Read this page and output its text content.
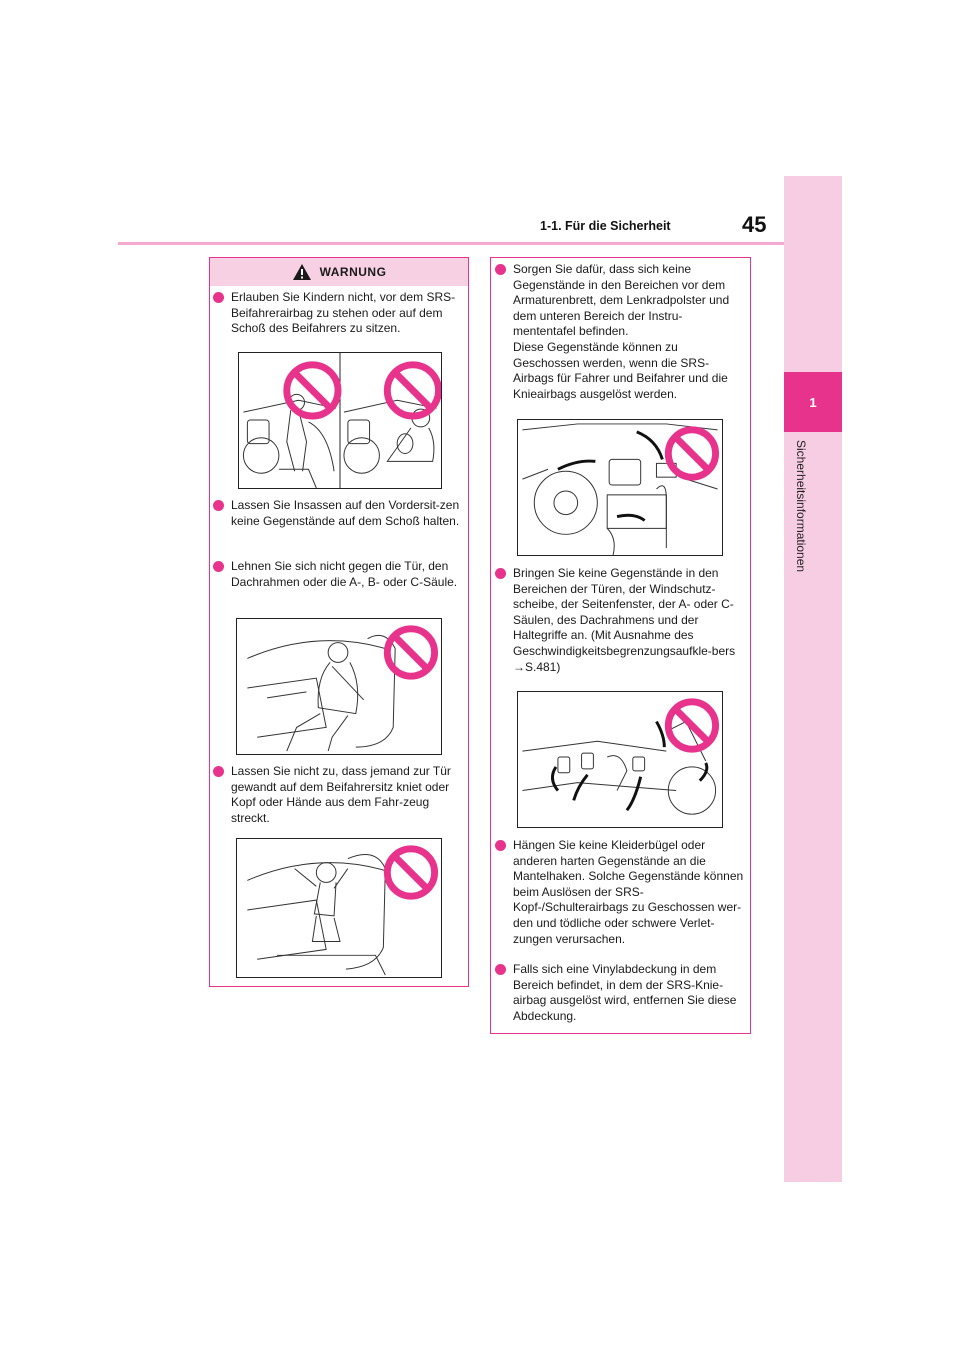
45
1-1. Für die Sicherheit
1
Sicherheitsinformationen
WARNUNG

Erlauben Sie Kindern nicht, vor dem SRS-Beifahrerairbag zu stehen oder auf dem Schoß des Beifahrers zu sitzen.

Lassen Sie Insassen auf den Vordersit-zen keine Gegenstände auf dem Schoß halten.

Lehnen Sie sich nicht gegen die Tür, den Dachrahmen oder die A-, B- oder C-Säule.

Lassen Sie nicht zu, dass jemand zur Tür gewandt auf dem Beifahrersitz kniet oder Kopf oder Hände aus dem Fahr-zeug streckt.

Sorgen Sie dafür, dass sich keine Gegenstände in den Bereichen vor dem Armaturenbrett, dem Lenkradpolster und dem unteren Bereich der Instru-mententafel befinden.

Diese Gegenstände können zu Geschossen werden, wenn die SRS-Airbags für Fahrer und Beifahrer und die Knieairbags ausgelöst werden.

Bringen Sie keine Gegenstände in den Bereichen der Türen, der Windschutz-scheibe, der Seitenfenster, der A- oder C-Säulen, des Dachrahmens und der Haltegriffe an. (Mit Ausnahme des Geschwindigkeitsbegrenzungsaufkle-bers →S.481)

Hängen Sie keine Kleiderbügel oder anderen harten Gegenstände an die Mantelhaken. Solche Gegenstände können beim Auslösen der SRS-Kopf-/Schulterairbags zu Geschossen wer-den und tödliche oder schwere Verlet-zungen verursachen.

Falls sich eine Vinylabdeckung in dem Bereich befindet, in dem der SRS-Knie-airbag ausgelöst wird, entfernen Sie diese Abdeckung.
